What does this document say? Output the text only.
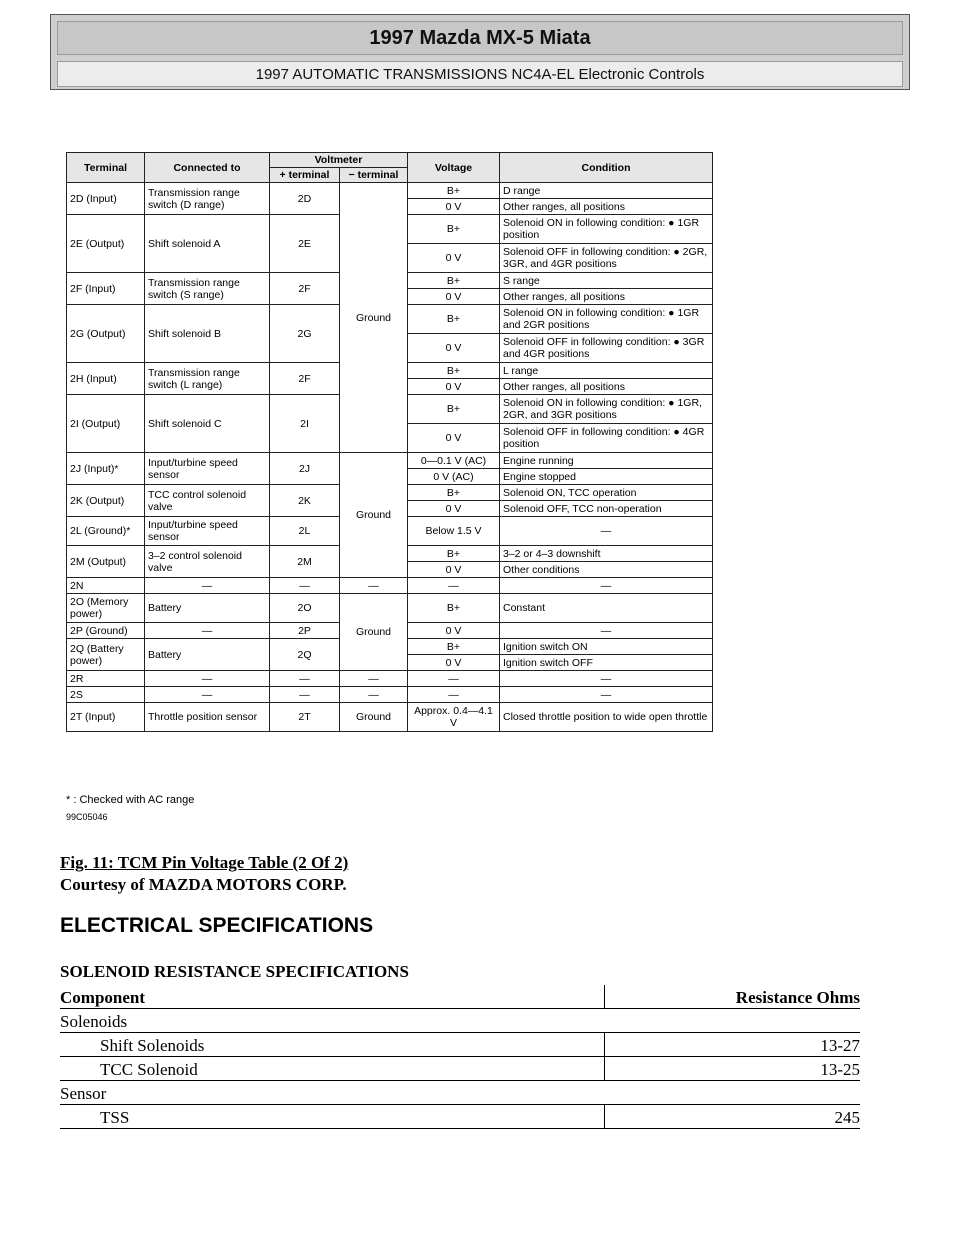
1997 Mazda MX-5 Miata
1997 AUTOMATIC TRANSMISSIONS NC4A-EL Electronic Controls
Terminal	Connected to	Voltmeter		Voltage	Condition
		+ terminal	− terminal		
2D (Input)	Transmission range switch (D range)	2D	Ground	B+	D range
				0 V	Other ranges, all positions
2E (Output)	Shift solenoid A	2E		B+	Solenoid ON in following condition: ● 1GR position
				0 V	Solenoid OFF in following condition: ● 2GR, 3GR, and 4GR positions
2F (Input)	Transmission range switch (S range)	2F		B+	S range
				0 V	Other ranges, all positions
2G (Output)	Shift solenoid B	2G		B+	Solenoid ON in following condition: ● 1GR and 2GR positions
				0 V	Solenoid OFF in following condition: ● 3GR and 4GR positions
2H (Input)	Transmission range switch (L range)	2F		B+	L range
				0 V	Other ranges, all positions
2I (Output)	Shift solenoid C	2I		B+	Solenoid ON in following condition: ● 1GR, 2GR, and 3GR positions
				0 V	Solenoid OFF in following condition: ● 4GR position
2J (Input)*	Input/turbine speed sensor	2J	Ground	0—0.1 V (AC)	Engine running
				0 V (AC)	Engine stopped
2K (Output)	TCC control solenoid valve	2K		B+	Solenoid ON, TCC operation
				0 V	Solenoid OFF, TCC non-operation
2L (Ground)*	Input/turbine speed sensor	2L		Below 1.5 V	—
2M (Output)	3–2 control solenoid valve	2M		B+	3–2 or 4–3 downshift
				0 V	Other conditions
2N	—	—	—	—	—
2O (Memory power)	Battery	2O	Ground	B+	Constant
2P (Ground)	—	2P		0 V	—
2Q (Battery power)	Battery	2Q		B+	Ignition switch ON
				0 V	Ignition switch OFF
2R	—	—	—	—	—
2S	—	—	—	—	—
2T (Input)	Throttle position sensor	2T	Ground	Approx. 0.4—4.1 V	Closed throttle position to wide open throttle
* : Checked with AC range
99C05046
Fig. 11: TCM Pin Voltage Table (2 Of 2)
Courtesy of MAZDA MOTORS CORP.
ELECTRICAL SPECIFICATIONS
SOLENOID RESISTANCE SPECIFICATIONS
Component	Resistance Ohms
Solenoids	
Shift Solenoids	13-27
TCC Solenoid	13-25
Sensor	
TSS	245
